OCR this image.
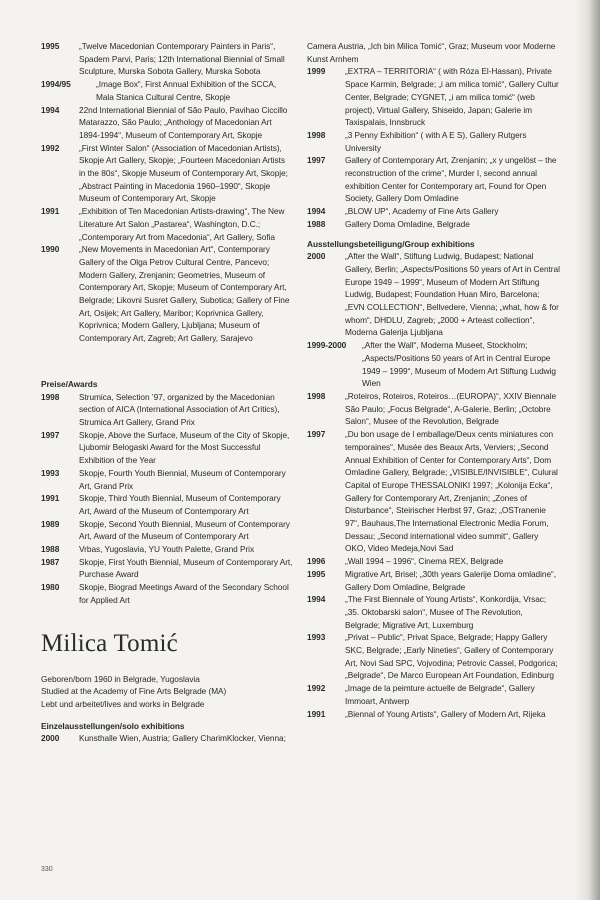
1995	„Twelve Macedonian Contemporary Painters in Paris“, Spadem Parvi, Paris; 12th International Biennial of Small Sculpture, Murska Sobota Gallery, Murska Sobota
1994/95	„Image Box“, First Annual Exhibition of the SCCA, Mala Stanica Cultural Centre, Skopje
1994	22nd International Biennial of São Paulo, Pavihao Ciccillo Matarazzo, São Paulo; „Anthology of Macedonian Art 1894-1994“, Museum of Contemporary Art, Skopje
1992	„First Winter Salon“ (Association of Macedonian Artists), Skopje Art Gallery, Skopje; „Fourteen Macedonian Artists in the 80s“, Skopje Museum of Contemporary Art, Skopje; „Abstract Painting in Macedonia 1960–1990“, Skopje Museum of Contemporary Art, Skopje
1991	„Exhibition of Ten Macedonian Artists-drawing“, The New Literature Art Salon „Pastarea“, Washington, D.C.; „Contemporary Art from Macedonia“, Art Gallery, Sofia
1990	„New Movements in Macedonian Art“, Contemporary Gallery of the Olga Petrov Cultural Centre, Pancevo; Modern Gallery, Zrenjanin; Geometries, Museum of Contemporary Art, Skopje; Museum of Contemporary Art, Belgrade; Likovni Susret Gallery, Subotica; Gallery of Fine Art, Osijek; Art Gallery, Maribor; Koprivnica Gallery, Koprivnica; Modern Gallery, Ljubljana; Museum of Contemporary Art, Zagreb; Art Gallery, Sarajevo

Preise/Awards

1998	Strumica, Selection ’97, organized by the Macedonian section of AICA (International Association of Art Critics), Strumica Art Gallery, Grand Prix
1997	Skopje, Above the Surface, Museum of the City of Skopje, Ljubomir Belogaski Award for the Most Successful Exhibition of the Year
1993	Skopje, Fourth Youth Biennial, Museum of Contemporary Art, Grand Prix
1991	Skopje, Third Youth Biennial, Museum of Contemporary Art, Award of the Museum of Contemporary Art
1989	Skopje, Second Youth Biennial, Museum of Contemporary Art, Award of the Museum of Contemporary Art
1988	Vrbas, Yugoslavia, YU Youth Palette, Grand Prix
1987	Skopje, First Youth Biennial, Museum of Contemporary Art, Purchase Award
1980	Skopje, Biograd Meetings Award of the Secondary School for Applied Art
Milica Tomić

Geboren/born 1960 in Belgrade, Yugoslavia

Studied at the Academy of Fine Arts Belgrade (MA)

Lebt und arbeitet/lives and works in Belgrade

Einzelausstellungen/solo exhibitions

2000	Kunsthalle Wien, Austria; Gallery CharimKlocker, Vienna;
Camera Austria, „Ich bin Milica Tomić“, Graz; Museum voor Moderne Kunst Arnhem
1999	„EXTRA – TERRITORIA“ ( with Róza El-Hassan), Private Space Karmin, Belgrade; „i am milica tomić“, Gallery Cultur Center, Belgrade; CYGNET, „i am milica tomić“ (web project), Virtual Gallery, Shiseido, Japan; Galerie im Taxispalais, Innsbruck
1998	„3 Penny Exhibition“ ( with A E S), Gallery Rutgers University
1997	Gallery of Contemporary Art, Zrenjanin; „x y ungelöst – the reconstruction of the crime“, Murder I, second annual exhibition Center for Contemporary art, Found for Open Society, Gallery Dom Omladine
1994	„BLOW UP“, Academy of Fine Arts Gallery
1988	Gallery Doma Omladine, Belgrade

Ausstellungsbeteiligung/Group exhibitions

2000	„After the Wall“, Stiftung Ludwig, Budapest; National Gallery, Berlin; „Aspects/Positions 50 years of Art in Central Europe 1949 – 1999“, Museum of Modern Art Stiftung Ludwig, Budapest; Foundation Huan Miro, Barcelona; „EVN COLLECTION“, Bellvedere, Vienna; „what, how & for whom“, DHDLU, Zagreb; „2000 + Arteast collection“, Moderna Galerija Ljubljana
1999-2000	„After the Wall“, Moderna Museet, Stockholm; „Aspects/Positions 50 years of Art in Central Europe 1949 – 1999“, Museum of Modern Art Stiftung Ludwig Wien
1998	„Roteiros, Roteiros, Roteiros…(EUROPA)“, XXIV Biennale São Paulo; „Focus Belgrade“, A-Galerie, Berlin; „Octobre Salon“, Musee of the Revolution, Belgrade
1997	„Du bon usage de l emballage/Deux cents miniatures con temporaines“, Musée des Beaux Arts, Verviers; „Second Annual Exhibition of Center for Contemporary Arts“, Dom Omladine Gallery, Belgrade; „VISIBLE/INVISIBLE“, Culural Capital of Europe THESSALONIKI 1997; „Kolonija Ecka“, Gallery for Contemporary Art, Zrenjanin; „Zones of Disturbance“, Steirischer Herbst 97, Graz; „OSTranenie 97“, Bauhaus,The International Electronic Media Forum, Dessau; „Second international video summit“, Gallery OKO, Video Medeja,Novi Sad
1996	„Wall 1994 – 1996“, Cinema REX, Belgrade
1995	Migrative Art, Brisel; „30th years Galerije Doma omladine“, Gallery Dom Omladine, Belgrade
1994	„The First Biennale of Young Artists“, Konkordija, Vrsac; „35. Oktobarski salon“, Musee of The Revolution, Belgrade; Migrative Art, Luxemburg
1993	„Privat – Public“, Privat Space, Belgrade; Happy Gallery SKC, Belgrade; „Early Nineties“, Gallery of Contemporary Art, Novi Sad SPC, Vojvodina; Petrovic Cassel, Podgorica; „Belgrade“, De Marco European Art Foundation, Edinburg
1992	„Image de la peimture actuelle de Belgrade“, Gallery Immoart, Antwerp
1991	„Biennal of Young Artists“, Gallery of Modern Art, Rijeka
330
